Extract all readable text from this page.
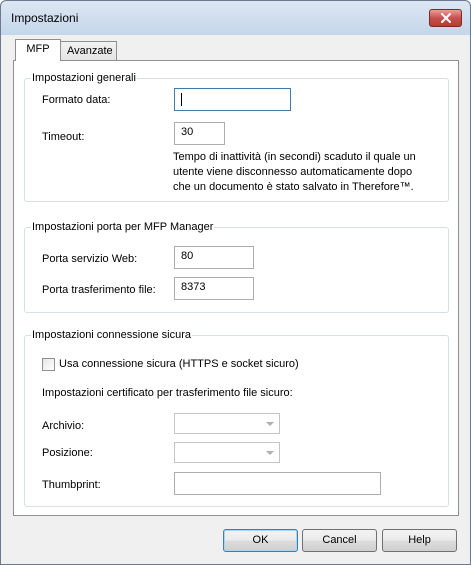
Impostazioni
MFP	Avanzate
Impostazioni generali
Formato data:
Timeout:	30
Tempo di inattività (in secondi) scaduto il quale un utente viene disconnesso automaticamente dopo che un documento è stato salvato in Therefore™.
Impostazioni porta per MFP Manager
Porta servizio Web:	80
Porta trasferimento file:	8373
Impostazioni connessione sicura
Usa connessione sicura (HTTPS e socket sicuro)
Impostazioni certificato per trasferimento file sicuro:
Archivio:
Posizione:
Thumbprint:
OK	Cancel	Help
